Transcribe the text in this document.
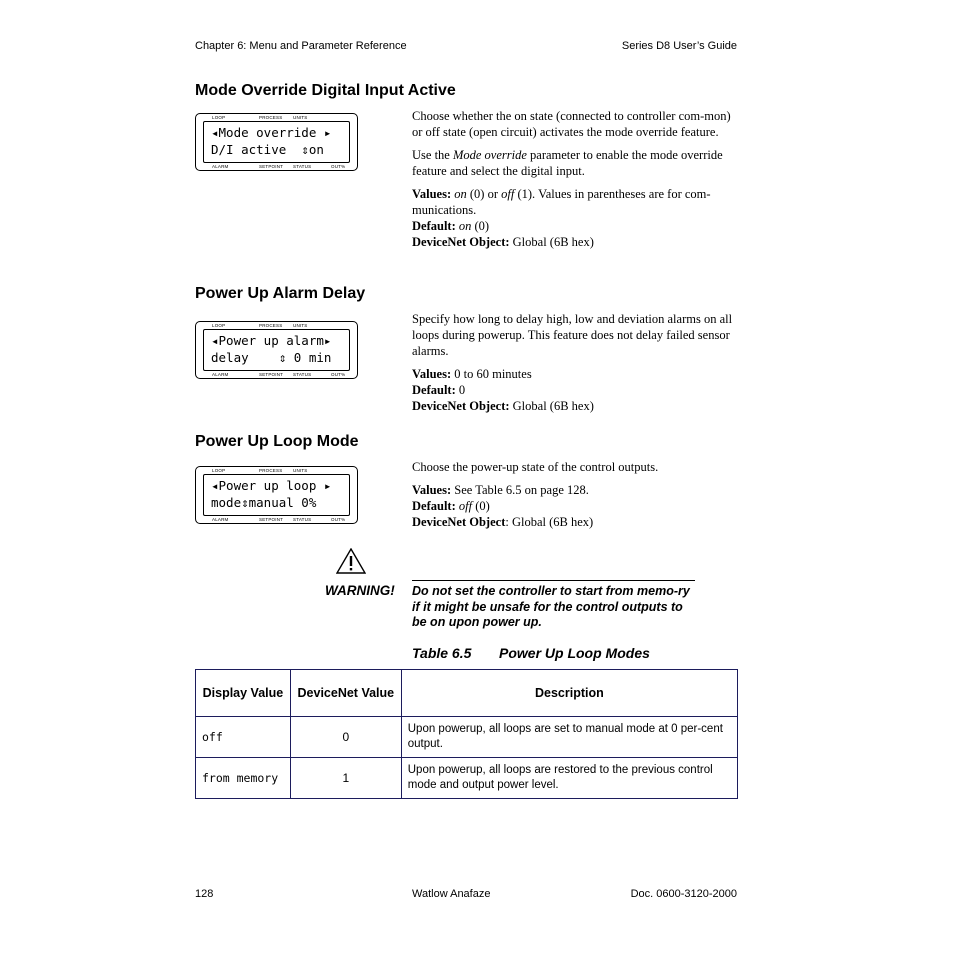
Chapter 6: Menu and Parameter Reference	Series D8 User’s Guide
Mode Override Digital Input Active
LOOP	PROCESS UNITS
◂Mode override ▸
D/I active  ⇕on
ALARM	SETPOINT STATUS	OUT%

Choose whether the on state (connected to controller com-mon) or off state (open circuit) activates the mode override feature.

Use the Mode override parameter to enable the mode override feature and select the digital input.

Values: on (0) or off (1). Values in parentheses are for com-munications.
Default: on (0)
DeviceNet Object: Global (6B hex)
Power Up Alarm Delay
LOOP	PROCESS UNITS
◂Power up alarm▸
delay    ⇕ 0 min
ALARM	SETPOINT STATUS	OUT%

Specify how long to delay high, low and deviation alarms on all loops during powerup. This feature does not delay failed sensor alarms.

Values: 0 to 60 minutes
Default: 0
DeviceNet Object: Global (6B hex)
Power Up Loop Mode
LOOP	PROCESS UNITS
◂Power up loop ▸
mode⇕manual 0%
ALARM	SETPOINT STATUS	OUT%

Choose the power-up state of the control outputs.

Values: See Table 6.5 on page 128.
Default: off (0)
DeviceNet Object: Global (6B hex)
WARNING! Do not set the controller to start from memo-ry if it might be unsafe for the control outputs to be on upon power up.
Table 6.5 Power Up Loop Modes
Display Value	DeviceNet Value	Description
off	0	Upon powerup, all loops are set to manual mode at 0 per-cent output.
from memory	1	Upon powerup, all loops are restored to the previous control mode and output power level.
128	Watlow Anafaze	Doc. 0600-3120-2000
